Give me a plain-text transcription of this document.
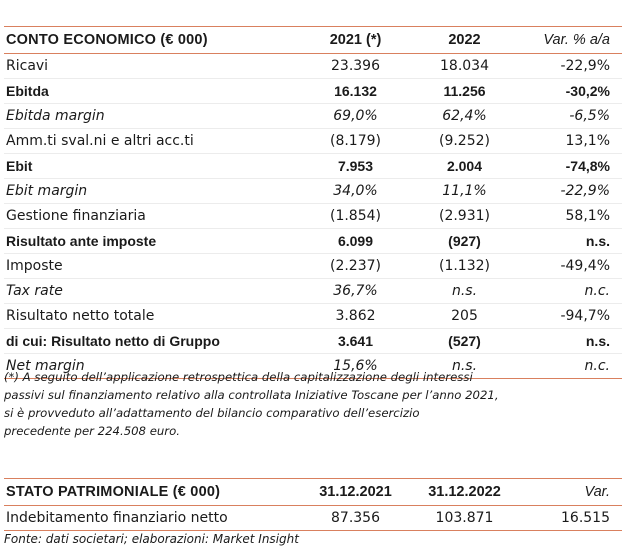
CONTO ECONOMICO (€ 000)	2021 (*)	2022	Var. % a/a
Ricavi	23.396	18.034	-22,9%
Ebitda	16.132	11.256	-30,2%
Ebitda margin	69,0%	62,4%	-6,5%
Amm.ti sval.ni e altri acc.ti	(8.179)	(9.252)	13,1%
Ebit	7.953	2.004	-74,8%
Ebit margin	34,0%	11,1%	-22,9%
Gestione finanziaria	(1.854)	(2.931)	58,1%
Risultato ante imposte	6.099	(927)	n.s.
Imposte	(2.237)	(1.132)	-49,4%
Tax rate	36,7%	n.s.	n.c.
Risultato netto totale	3.862	205	-94,7%
di cui: Risultato netto di Gruppo	3.641	(527)	n.s.
Net margin	15,6%	n.s.	n.c.
(*) A seguito dell’applicazione retrospettica della capitalizzazione degli interessi
passivi sul finanziamento relativo alla controllata Iniziative Toscane per l’anno 2021,
si è provveduto all’adattamento del bilancio comparativo dell’esercizio
precedente per 224.508 euro.
STATO PATRIMONIALE (€ 000)	31.12.2021	31.12.2022	Var.
Indebitamento finanziario netto	87.356	103.871	16.515
Fonte: dati societari; elaborazioni: Market Insight
